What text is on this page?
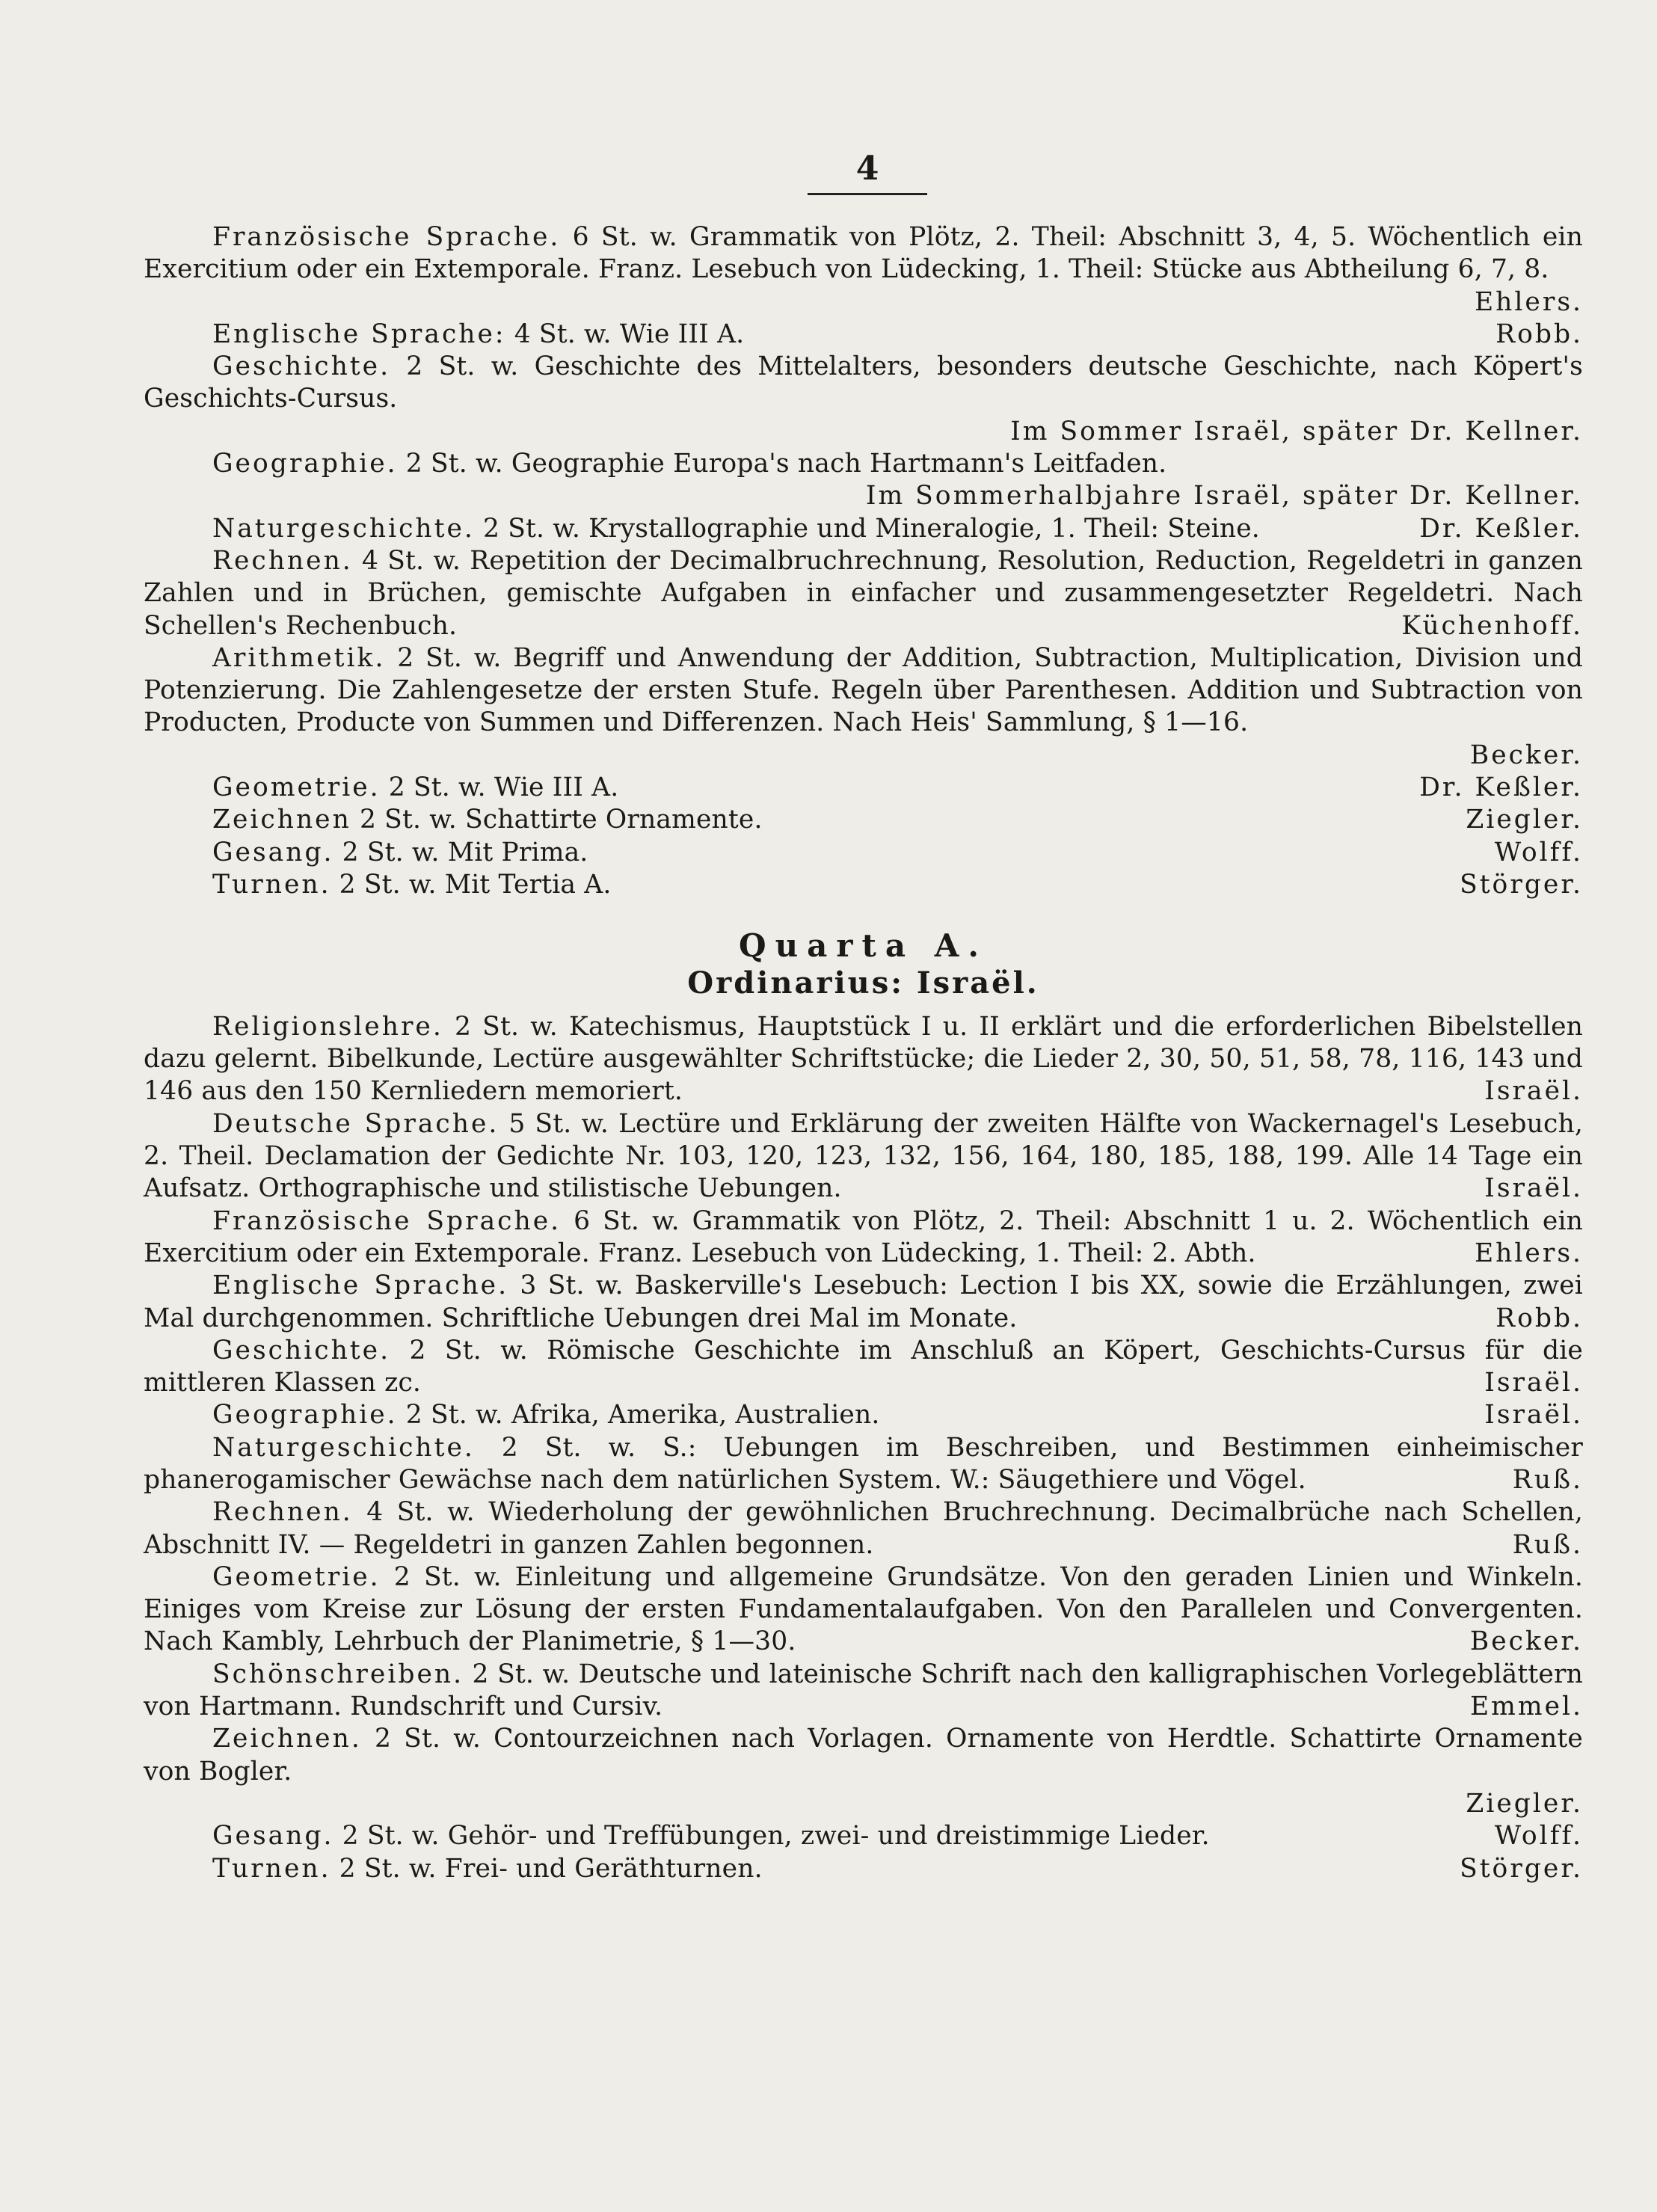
4

Französische Sprache. 6 St. w. Grammatik von Plötz, 2. Theil: Abschnitt 3, 4, 5. Wöchentlich ein Exercitium oder ein Extemporale. Franz. Lesebuch von Lüdecking, 1. Theil: Stücke aus Abtheilung 6, 7, 8.
Ehlers.

Englische Sprache: 4 St. w. Wie III A.	Robb.

Geschichte. 2 St. w. Geschichte des Mittelalters, besonders deutsche Geschichte, nach Köpert's Geschichts-Cursus.

Im Sommer Israël, später Dr. Kellner.

Geographie. 2 St. w. Geographie Europa's nach Hartmann's Leitfaden.

Im Sommerhalbjahre Israël, später Dr. Kellner.

Naturgeschichte. 2 St. w. Krystallographie und Mineralogie, 1. Theil: Steine.	Dr. Keßler.

Rechnen. 4 St. w. Repetition der Decimalbruchrechnung, Resolution, Reduction, Regeldetri in ganzen Zahlen und in Brüchen, gemischte Aufgaben in einfacher und zusammengesetzter Regeldetri. Nach Schellen's Rechenbuch.	Küchenhoff.

Arithmetik. 2 St. w. Begriff und Anwendung der Addition, Subtraction, Multiplication, Division und Potenzierung. Die Zahlengesetze der ersten Stufe. Regeln über Parenthesen. Addition und Subtraction von Producten, Producte von Summen und Differenzen. Nach Heis' Sammlung, § 1—16.

Becker.

Geometrie. 2 St. w. Wie III A.	Dr. Keßler.

Zeichnen 2 St. w. Schattirte Ornamente.	Ziegler.

Gesang. 2 St. w. Mit Prima.	Wolff.

Turnen. 2 St. w. Mit Tertia A.	Störger.

Quarta A.
Ordinarius: Israël.

Religionslehre. 2 St. w. Katechismus, Hauptstück I u. II erklärt und die erforderlichen Bibelstellen dazu gelernt. Bibelkunde, Lectüre ausgewählter Schriftstücke; die Lieder 2, 30, 50, 51, 58, 78, 116, 143 und 146 aus den 150 Kernliedern memoriert.	Israël.

Deutsche Sprache. 5 St. w. Lectüre und Erklärung der zweiten Hälfte von Wackernagel's Lesebuch, 2. Theil. Declamation der Gedichte Nr. 103, 120, 123, 132, 156, 164, 180, 185, 188, 199. Alle 14 Tage ein Aufsatz. Orthographische und stilistische Uebungen.	Israël.

Französische Sprache. 6 St. w. Grammatik von Plötz, 2. Theil: Abschnitt 1 u. 2. Wöchentlich ein Exercitium oder ein Extemporale. Franz. Lesebuch von Lüdecking, 1. Theil: 2. Abth.	Ehlers.

Englische Sprache. 3 St. w. Baskerville's Lesebuch: Lection I bis XX, sowie die Erzählungen, zwei Mal durchgenommen. Schriftliche Uebungen drei Mal im Monate.	Robb.

Geschichte. 2 St. w. Römische Geschichte im Anschluß an Köpert, Geschichts-Cursus für die mittleren Klassen zc.	Israël.

Geographie. 2 St. w. Afrika, Amerika, Australien.	Israël.

Naturgeschichte. 2 St. w. S.: Uebungen im Beschreiben, und Bestimmen einheimischer phanerogamischer Gewächse nach dem natürlichen System. W.: Säugethiere und Vögel.	Ruß.

Rechnen. 4 St. w. Wiederholung der gewöhnlichen Bruchrechnung. Decimalbrüche nach Schellen, Abschnitt IV. — Regeldetri in ganzen Zahlen begonnen.	Ruß.

Geometrie. 2 St. w. Einleitung und allgemeine Grundsätze. Von den geraden Linien und Winkeln. Einiges vom Kreise zur Lösung der ersten Fundamentalaufgaben. Von den Parallelen und Convergenten. Nach Kambly, Lehrbuch der Planimetrie, § 1—30.	Becker.

Schönschreiben. 2 St. w. Deutsche und lateinische Schrift nach den kalligraphischen Vorlegeblättern von Hartmann. Rundschrift und Cursiv.	Emmel.

Zeichnen. 2 St. w. Contourzeichnen nach Vorlagen. Ornamente von Herdtle. Schattirte Ornamente von Bogler.

Ziegler.

Gesang. 2 St. w. Gehör- und Treffübungen, zwei- und dreistimmige Lieder.	Wolff.

Turnen. 2 St. w. Frei- und Geräthturnen.	Störger.
